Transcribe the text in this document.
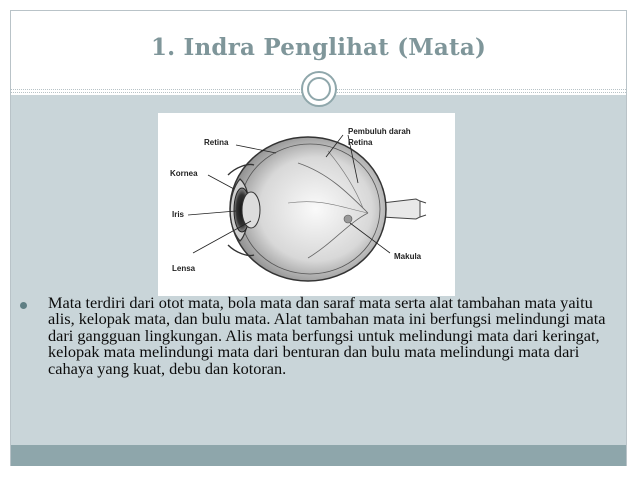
1. Indra Penglihat (Mata)
Retina
Pembuluh darah
Retina
Kornea
Iris
Lensa
Makula
Mata terdiri dari otot mata, bola mata dan saraf mata serta alat tambahan mata yaitu alis, kelopak mata, dan bulu mata. Alat tambahan mata ini berfungsi melindungi mata dari gangguan lingkungan. Alis mata berfungsi untuk melindungi mata dari keringat, kelopak mata melindungi mata dari benturan dan bulu mata melindungi mata dari cahaya yang kuat, debu dan kotoran.
